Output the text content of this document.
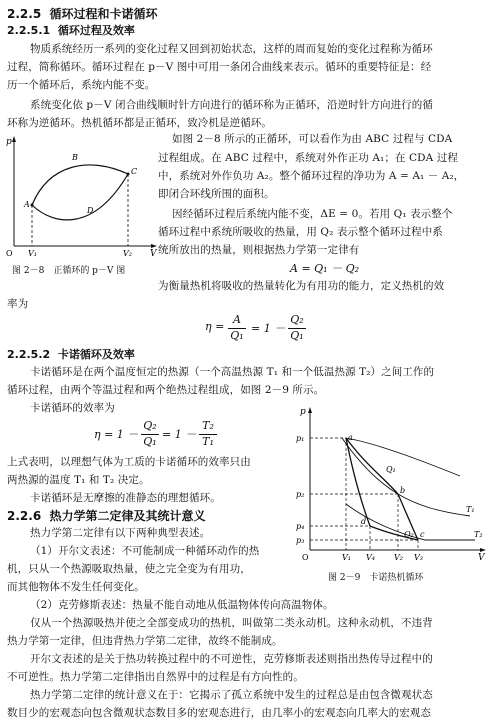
2.2.5 循环过程和卡诺循环
2.2.5.1 循环过程及效率
物质系统经历一系列的变化过程又回到初始状态，这样的周而复始的变化过程称为循环
过程，简称循环。循环过程在 p－V 图中可用一条闭合曲线来表示。循环的重要特征是：经
历一个循环后，系统内能不变。
系统变化依 p－V 闭合曲线顺时针方向进行的循环称为正循环，沿逆时针方向进行的循
环称为逆循环。热机循环都是正循环，致冷机是逆循环。
p
V
O V₁	V₂
A
B
C
D
如图 2－8 所示的正循环，可以看作为由 ABC 过程与 CDA
过程组成。在 ABC 过程中，系统对外作正功 A₁；在 CDA 过程
中，系统对外作负功 A₂。整个循环过程的净功为 A = A₁ － A₂，
即闭合环线所围的面积。
因经循环过程后系统内能不变，ΔE = 0。若用 Q₁ 表示整个
循环过程中系统所吸收的热量，用 Q₂ 表示整个循环过程中系
统所放出的热量，则根据热力学第一定律有
A = Q₁ － Q₂
图 2－8　正循环的 p－V 图
为衡量热机将吸收的热量转化为有用功的能力，定义热机的效
率为
η =
A
Q₁
= 1 －
Q₂
Q₁
2.2.5.2 卡诺循环及效率
卡诺循环是在两个温度恒定的热源（一个高温热源 T₁ 和一个低温热源 T₂）之间工作的
循环过程，由两个等温过程和两个绝热过程组成，如图 2－9 所示。
卡诺循环的效率为
η = 1 －
Q₂
Q₁
= 1 －
T₂
T₁
上式表明，以理想气体为工质的卡诺循环的效率只由
两热源的温度 T₁ 和 T₂ 决定。
卡诺循环是无摩擦的准静态的理想循环。
2.2.6 热力学第二定律及其统计意义
热力学第二定律有以下两种典型表述。
（1）开尔文表述：不可能制成一种循环动作的热
机，只从一个热源吸取热量，使之完全变为有用功，
而其他物体不发生任何变化。
p
V
O
p₁
p₂
p₄
p₃
V₁ V₄ V₂ V₃
a
b
c
d
Q₁
Q₂
T₁
T₂
图 2－9　卡诺热机循环
（2）克劳修斯表述：热量不能自动地从低温物体传向高温物体。
仅从一个热源吸热并使之全部变成功的热机，叫做第二类永动机。这种永动机，不违背
热力学第一定律，但违背热力学第二定律，故终不能制成。
开尔文表述的是关于热功转换过程中的不可逆性，克劳修斯表述则指出热传导过程中的
不可逆性。热力学第二定律指出自然界中的过程是有方向性的。
热力学第二定律的统计意义在于：它揭示了孤立系统中发生的过程总是由包含微观状态
数目少的宏观态向包含微观状态数目多的宏观态进行，由几率小的宏观态向几率大的宏观态
